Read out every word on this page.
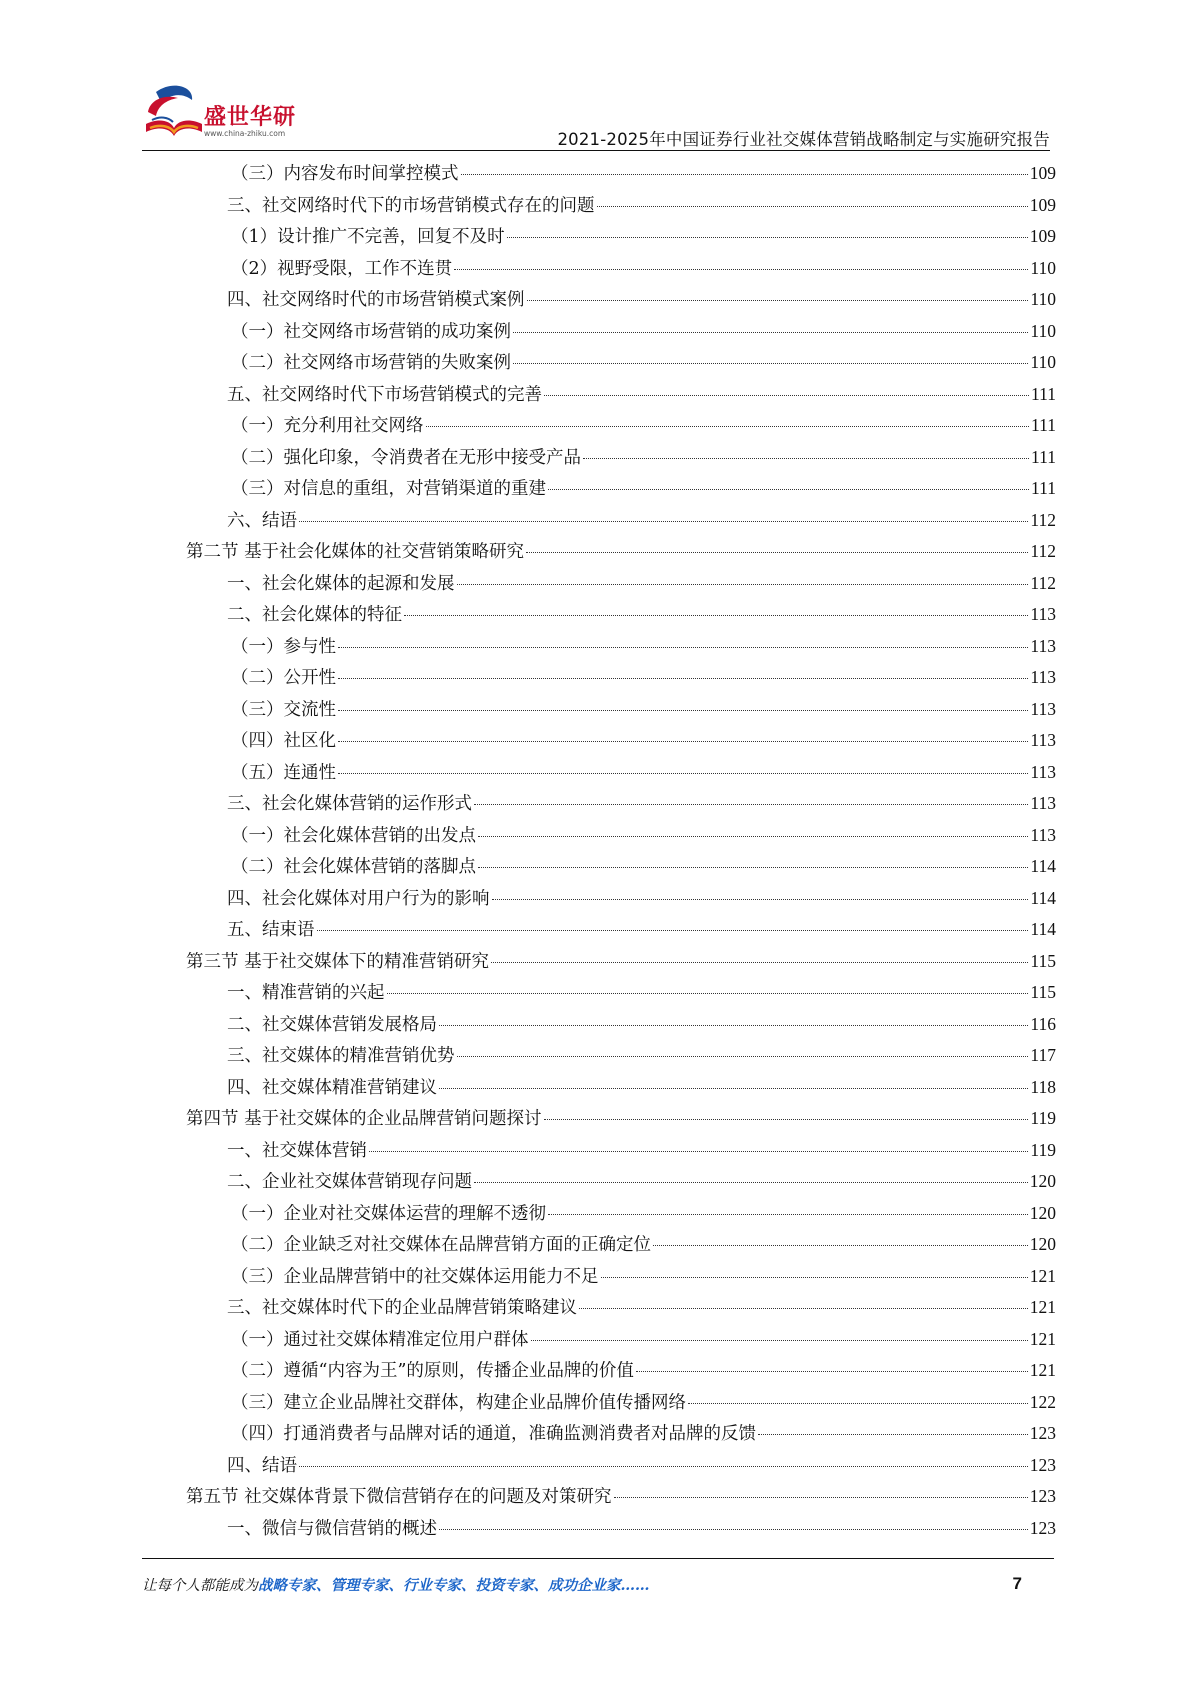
盛世华研
www.china-zhiku.com	2021-2025年中国证券行业社交媒体营销战略制定与实施研究报告
（三）内容发布时间掌控模式	109
三、社交网络时代下的市场营销模式存在的问题	109
（1）设计推广不完善，回复不及时	109
（2）视野受限，工作不连贯	110
四、社交网络时代的市场营销模式案例	110
（一）社交网络市场营销的成功案例	110
（二）社交网络市场营销的失败案例	110
五、社交网络时代下市场营销模式的完善	111
（一）充分利用社交网络	111
（二）强化印象，令消费者在无形中接受产品	111
（三）对信息的重组，对营销渠道的重建	111
六、结语	112
第二节 基于社会化媒体的社交营销策略研究	112
一、社会化媒体的起源和发展	112
二、社会化媒体的特征	113
（一）参与性	113
（二）公开性	113
（三）交流性	113
（四）社区化	113
（五）连通性	113
三、社会化媒体营销的运作形式	113
（一）社会化媒体营销的出发点	113
（二）社会化媒体营销的落脚点	114
四、社会化媒体对用户行为的影响	114
五、结束语	114
第三节 基于社交媒体下的精准营销研究	115
一、精准营销的兴起	115
二、社交媒体营销发展格局	116
三、社交媒体的精准营销优势	117
四、社交媒体精准营销建议	118
第四节 基于社交媒体的企业品牌营销问题探讨	119
一、社交媒体营销	119
二、企业社交媒体营销现存问题	120
（一）企业对社交媒体运营的理解不透彻	120
（二）企业缺乏对社交媒体在品牌营销方面的正确定位	120
（三）企业品牌营销中的社交媒体运用能力不足	121
三、社交媒体时代下的企业品牌营销策略建议	121
（一）通过社交媒体精准定位用户群体	121
（二）遵循“内容为王”的原则，传播企业品牌的价值	121
（三）建立企业品牌社交群体，构建企业品牌价值传播网络	122
（四）打通消费者与品牌对话的通道，准确监测消费者对品牌的反馈	123
四、结语	123
第五节 社交媒体背景下微信营销存在的问题及对策研究	123
一、微信与微信营销的概述	123
让每个人都能成为战略专家、管理专家、行业专家、投资专家、成功企业家……	7
